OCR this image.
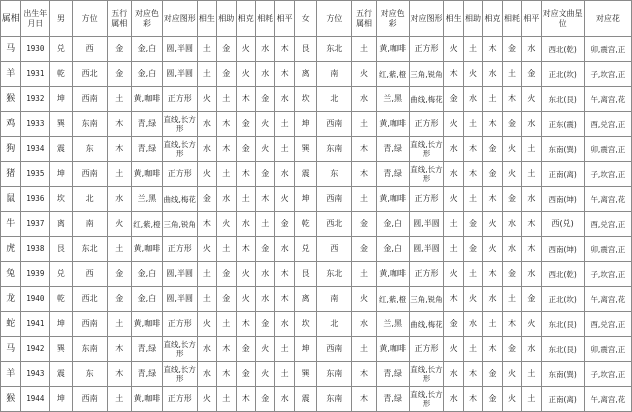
属相	出生年月日	男	方位	五行属相	对应色彩	对应图形	相生	相助	相克	相耗	相平	女	方位	五行属相	对应色彩	对应图形	相生	相助	相克	相耗	相平	对应文曲星位	对应花
马	1930	兑	西	金	金,白	圆,半圆	土	金	火	水	木	艮	东北	土	黄,咖啡	正方形	火	土	木	金	水	西北(乾)	卯,震宫,正
羊	1931	乾	西北	金	金,白	圆,半圆	土	金	火	水	木	离	南	火	红,紫,橙	三角,锐角	木	火	水	土	金	正北(坎)	子,坎宫,正
猴	1932	坤	西南	土	黄,咖啡	正方形	火	土	木	金	水	坎	北	水	兰,黑	曲线,梅花	金	水	土	木	火	东北(艮)	午,离宫,花
鸡	1933	巽	东南	木	青,绿	直线,长方形	水	木	金	火	土	坤	西南	土	黄,咖啡	正方形	火	土	木	金	水	正东(震)	酉,兑宫,正
狗	1934	震	东	木	青,绿	直线,长方形	水	木	金	火	土	巽	东南	木	青,绿	直线,长方形	水	木	金	火	土	东南(巽)	卯,震宫,正
猪	1935	坤	西南	土	黄,咖啡	正方形	火	土	木	金	水	震	东	木	青,绿	直线,长方形	水	木	金	火	土	正南(离)	子,坎宫,正
鼠	1936	坎	北	水	兰,黑	曲线,梅花	金	水	土	木	火	坤	西南	土	黄,咖啡	正方形	火	土	木	金	水	西南(坤)	午,离宫,花
牛	1937	离	南	火	红,紫,橙	三角,锐角	木	火	水	土	金	乾	西北	金	金,白	圆,半圆	土	金	火	水	木	西(兑)	酉,兑宫,正
虎	1938	艮	东北	土	黄,咖啡	正方形	火	土	木	金	水	兑	西	金	金,白	圆,半圆	土	金	火	水	木	西南(坤)	卯,震宫,正
兔	1939	兑	西	金	金,白	圆,半圆	土	金	火	水	木	艮	东北	土	黄,咖啡	正方形	火	土	木	金	水	西北(乾)	子,坎宫,正
龙	1940	乾	西北	金	金,白	圆,半圆	土	金	火	水	木	离	南	火	红,紫,橙	三角,锐角	木	火	水	土	金	正北(坎)	午,离宫,花
蛇	1941	坤	西南	土	黄,咖啡	正方形	火	土	木	金	水	坎	北	水	兰,黑	曲线,梅花	金	水	土	木	火	东北(艮)	酉,兑宫,正
马	1942	巽	东南	木	青,绿	直线,长方形	水	木	金	火	土	坤	西南	土	黄,咖啡	正方形	火	土	木	金	水	东北(艮)	卯,震宫,正
羊	1943	震	东	木	青,绿	直线,长方形	水	木	金	火	土	巽	东南	木	青,绿	直线,长方形	水	木	金	火	土	东南(巽)	子,坎宫,正
猴	1944	坤	西南	土	黄,咖啡	正方形	火	土	木	金	水	震	东南	木	青,绿	直线,长方形	水	木	金	火	土	正南(离)	午,离宫,花
